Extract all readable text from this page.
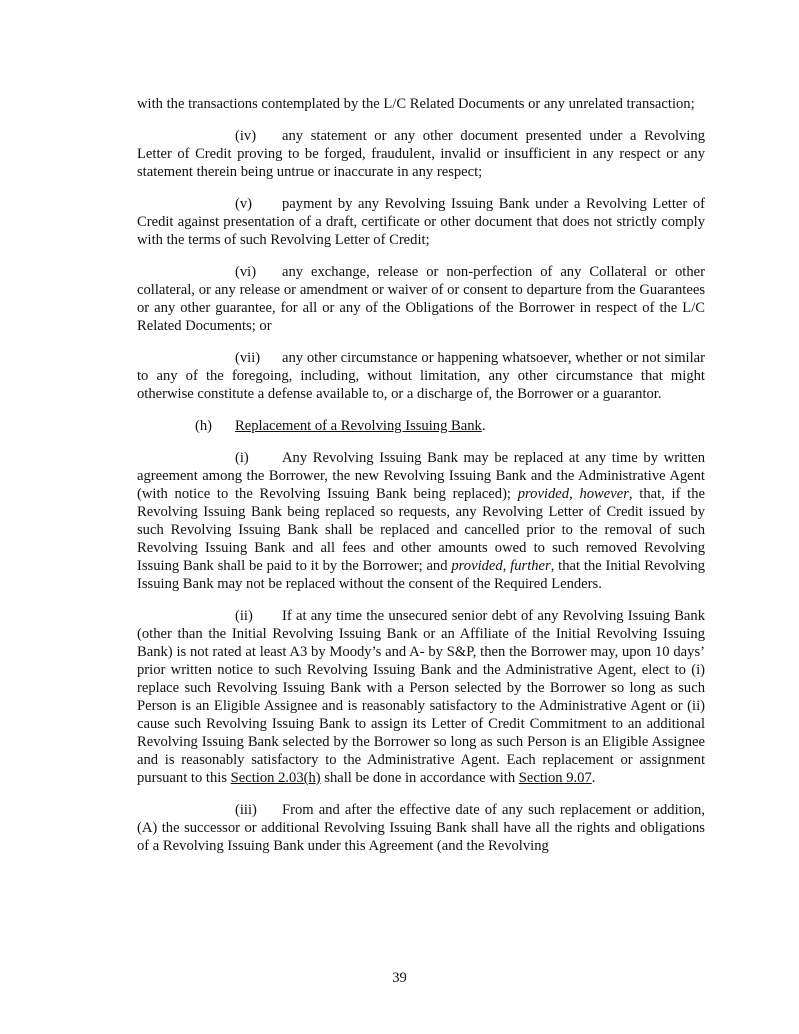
with the transactions contemplated by the L/C Related Documents or any unrelated transaction;

(iv) any statement or any other document presented under a Revolving Letter of Credit proving to be forged, fraudulent, invalid or insufficient in any respect or any statement therein being untrue or inaccurate in any respect;

(v) payment by any Revolving Issuing Bank under a Revolving Letter of Credit against presentation of a draft, certificate or other document that does not strictly comply with the terms of such Revolving Letter of Credit;

(vi) any exchange, release or non-perfection of any Collateral or other collateral, or any release or amendment or waiver of or consent to departure from the Guarantees or any other guarantee, for all or any of the Obligations of the Borrower in respect of the L/C Related Documents; or

(vii) any other circumstance or happening whatsoever, whether or not similar to any of the foregoing, including, without limitation, any other circumstance that might otherwise constitute a defense available to, or a discharge of, the Borrower or a guarantor.

(h) Replacement of a Revolving Issuing Bank.

(i) Any Revolving Issuing Bank may be replaced at any time by written agreement among the Borrower, the new Revolving Issuing Bank and the Administrative Agent (with notice to the Revolving Issuing Bank being replaced); provided, however, that, if the Revolving Issuing Bank being replaced so requests, any Revolving Letter of Credit issued by such Revolving Issuing Bank shall be replaced and cancelled prior to the removal of such Revolving Issuing Bank and all fees and other amounts owed to such removed Revolving Issuing Bank shall be paid to it by the Borrower; and provided, further, that the Initial Revolving Issuing Bank may not be replaced without the consent of the Required Lenders.

(ii) If at any time the unsecured senior debt of any Revolving Issuing Bank (other than the Initial Revolving Issuing Bank or an Affiliate of the Initial Revolving Issuing Bank) is not rated at least A3 by Moody’s and A- by S&P, then the Borrower may, upon 10 days’ prior written notice to such Revolving Issuing Bank and the Administrative Agent, elect to (i) replace such Revolving Issuing Bank with a Person selected by the Borrower so long as such Person is an Eligible Assignee and is reasonably satisfactory to the Administrative Agent or (ii) cause such Revolving Issuing Bank to assign its Letter of Credit Commitment to an additional Revolving Issuing Bank selected by the Borrower so long as such Person is an Eligible Assignee and is reasonably satisfactory to the Administrative Agent. Each replacement or assignment pursuant to this Section 2.03(h) shall be done in accordance with Section 9.07.

(iii) From and after the effective date of any such replacement or addition, (A) the successor or additional Revolving Issuing Bank shall have all the rights and obligations of a Revolving Issuing Bank under this Agreement (and the Revolving

39
